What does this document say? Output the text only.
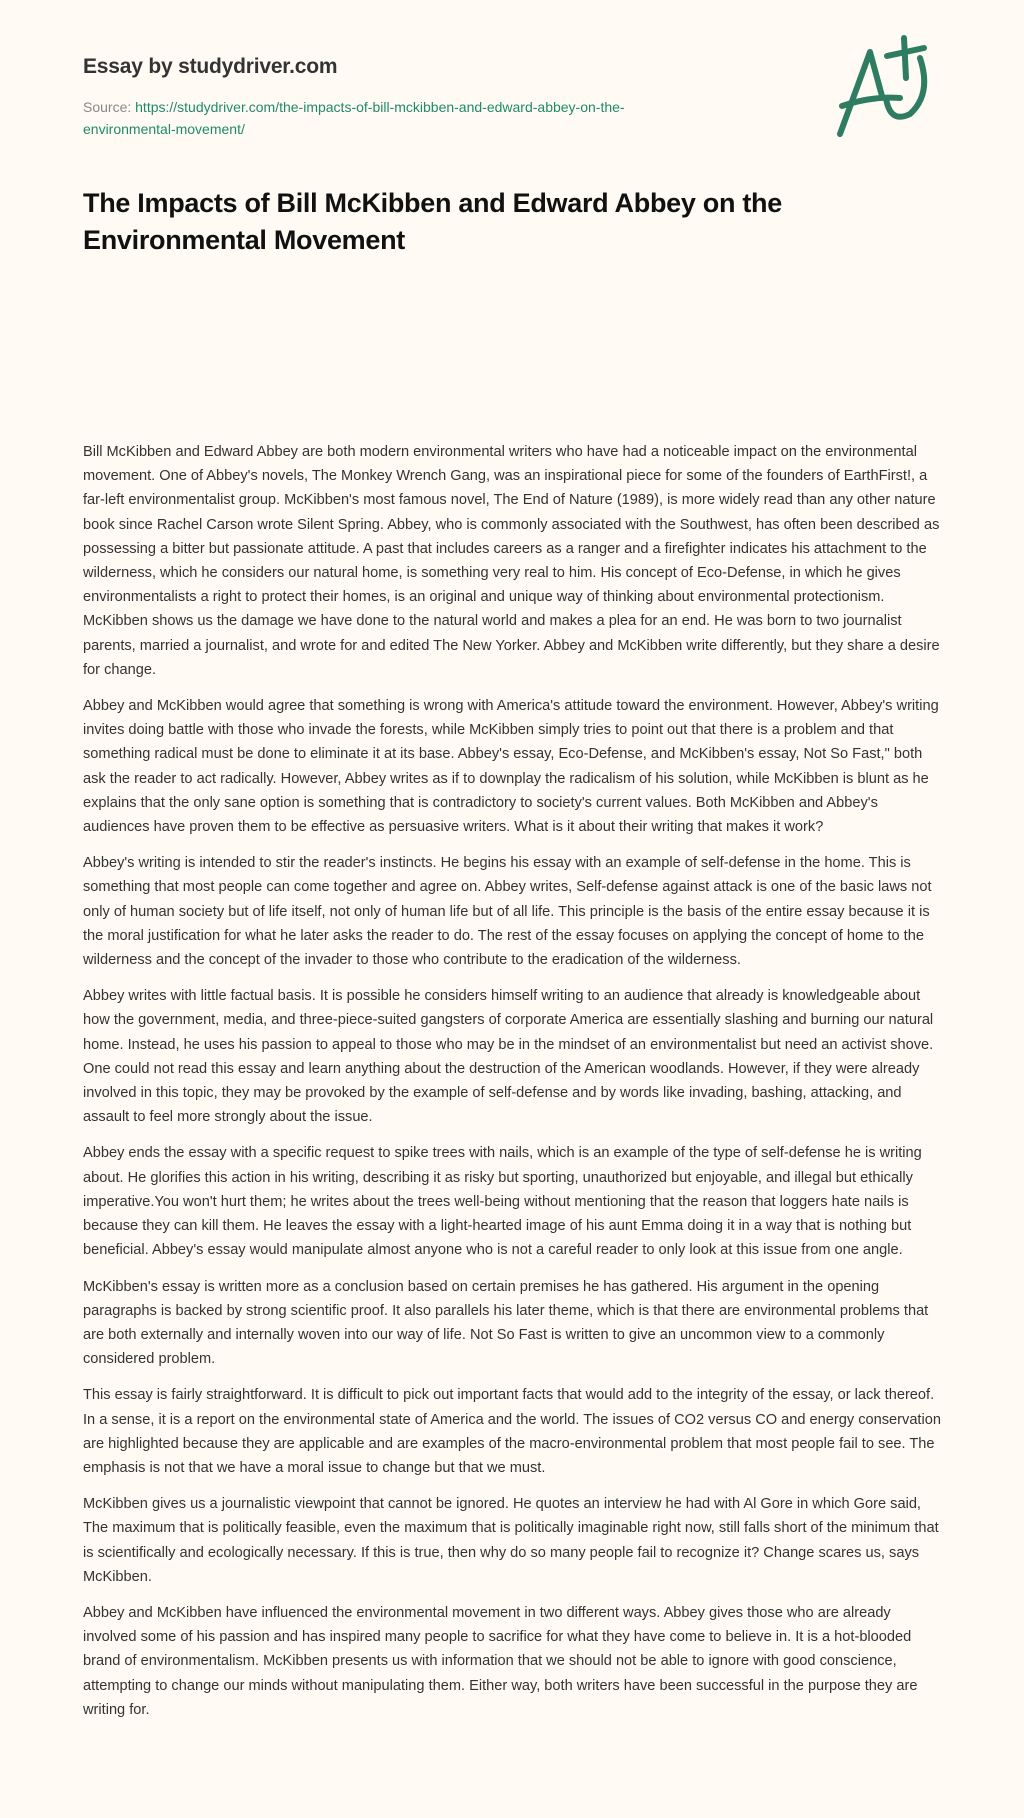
Essay by studydriver.com
Source: https://studydriver.com/the-impacts-of-bill-mckibben-and-edward-abbey-on-the-environmental-movement/
The Impacts of Bill McKibben and Edward Abbey on the Environmental Movement

Bill McKibben and Edward Abbey are both modern environmental writers who have had a noticeable impact on the environmental movement. One of Abbey's novels, The Monkey Wrench Gang, was an inspirational piece for some of the founders of EarthFirst!, a far-left environmentalist group. McKibben's most famous novel, The End of Nature (1989), is more widely read than any other nature book since Rachel Carson wrote Silent Spring. Abbey, who is commonly associated with the Southwest, has often been described as possessing a bitter but passionate attitude. A past that includes careers as a ranger and a firefighter indicates his attachment to the wilderness, which he considers our natural home, is something very real to him. His concept of Eco-Defense, in which he gives environmentalists a right to protect their homes, is an original and unique way of thinking about environmental protectionism. McKibben shows us the damage we have done to the natural world and makes a plea for an end. He was born to two journalist parents, married a journalist, and wrote for and edited The New Yorker. Abbey and McKibben write differently, but they share a desire for change.

Abbey and McKibben would agree that something is wrong with America's attitude toward the environment. However, Abbey's writing invites doing battle with those who invade the forests, while McKibben simply tries to point out that there is a problem and that something radical must be done to eliminate it at its base. Abbey's essay, Eco-Defense, and McKibben's essay, Not So Fast," both ask the reader to act radically. However, Abbey writes as if to downplay the radicalism of his solution, while McKibben is blunt as he explains that the only sane option is something that is contradictory to society's current values. Both McKibben and Abbey's audiences have proven them to be effective as persuasive writers. What is it about their writing that makes it work?

Abbey's writing is intended to stir the reader's instincts. He begins his essay with an example of self-defense in the home. This is something that most people can come together and agree on. Abbey writes, Self-defense against attack is one of the basic laws not only of human society but of life itself, not only of human life but of all life. This principle is the basis of the entire essay because it is the moral justification for what he later asks the reader to do. The rest of the essay focuses on applying the concept of home to the wilderness and the concept of the invader to those who contribute to the eradication of the wilderness.

Abbey writes with little factual basis. It is possible he considers himself writing to an audience that already is knowledgeable about how the government, media, and three-piece-suited gangsters of corporate America are essentially slashing and burning our natural home. Instead, he uses his passion to appeal to those who may be in the mindset of an environmentalist but need an activist shove. One could not read this essay and learn anything about the destruction of the American woodlands. However, if they were already involved in this topic, they may be provoked by the example of self-defense and by words like invading, bashing, attacking, and assault to feel more strongly about the issue.

Abbey ends the essay with a specific request to spike trees with nails, which is an example of the type of self-defense he is writing about. He glorifies this action in his writing, describing it as risky but sporting, unauthorized but enjoyable, and illegal but ethically imperative.You won't hurt them; he writes about the trees well-being without mentioning that the reason that loggers hate nails is because they can kill them. He leaves the essay with a light-hearted image of his aunt Emma doing it in a way that is nothing but beneficial. Abbey's essay would manipulate almost anyone who is not a careful reader to only look at this issue from one angle.

McKibben's essay is written more as a conclusion based on certain premises he has gathered. His argument in the opening paragraphs is backed by strong scientific proof. It also parallels his later theme, which is that there are environmental problems that are both externally and internally woven into our way of life. Not So Fast is written to give an uncommon view to a commonly considered problem.

This essay is fairly straightforward. It is difficult to pick out important facts that would add to the integrity of the essay, or lack thereof. In a sense, it is a report on the environmental state of America and the world. The issues of CO2 versus CO and energy conservation are highlighted because they are applicable and are examples of the macro-environmental problem that most people fail to see. The emphasis is not that we have a moral issue to change but that we must.

McKibben gives us a journalistic viewpoint that cannot be ignored. He quotes an interview he had with Al Gore in which Gore said, The maximum that is politically feasible, even the maximum that is politically imaginable right now, still falls short of the minimum that is scientifically and ecologically necessary. If this is true, then why do so many people fail to recognize it? Change scares us, says McKibben.

Abbey and McKibben have influenced the environmental movement in two different ways. Abbey gives those who are already involved some of his passion and has inspired many people to sacrifice for what they have come to believe in. It is a hot-blooded brand of environmentalism. McKibben presents us with information that we should not be able to ignore with good conscience, attempting to change our minds without manipulating them. Either way, both writers have been successful in the purpose they are writing for.
